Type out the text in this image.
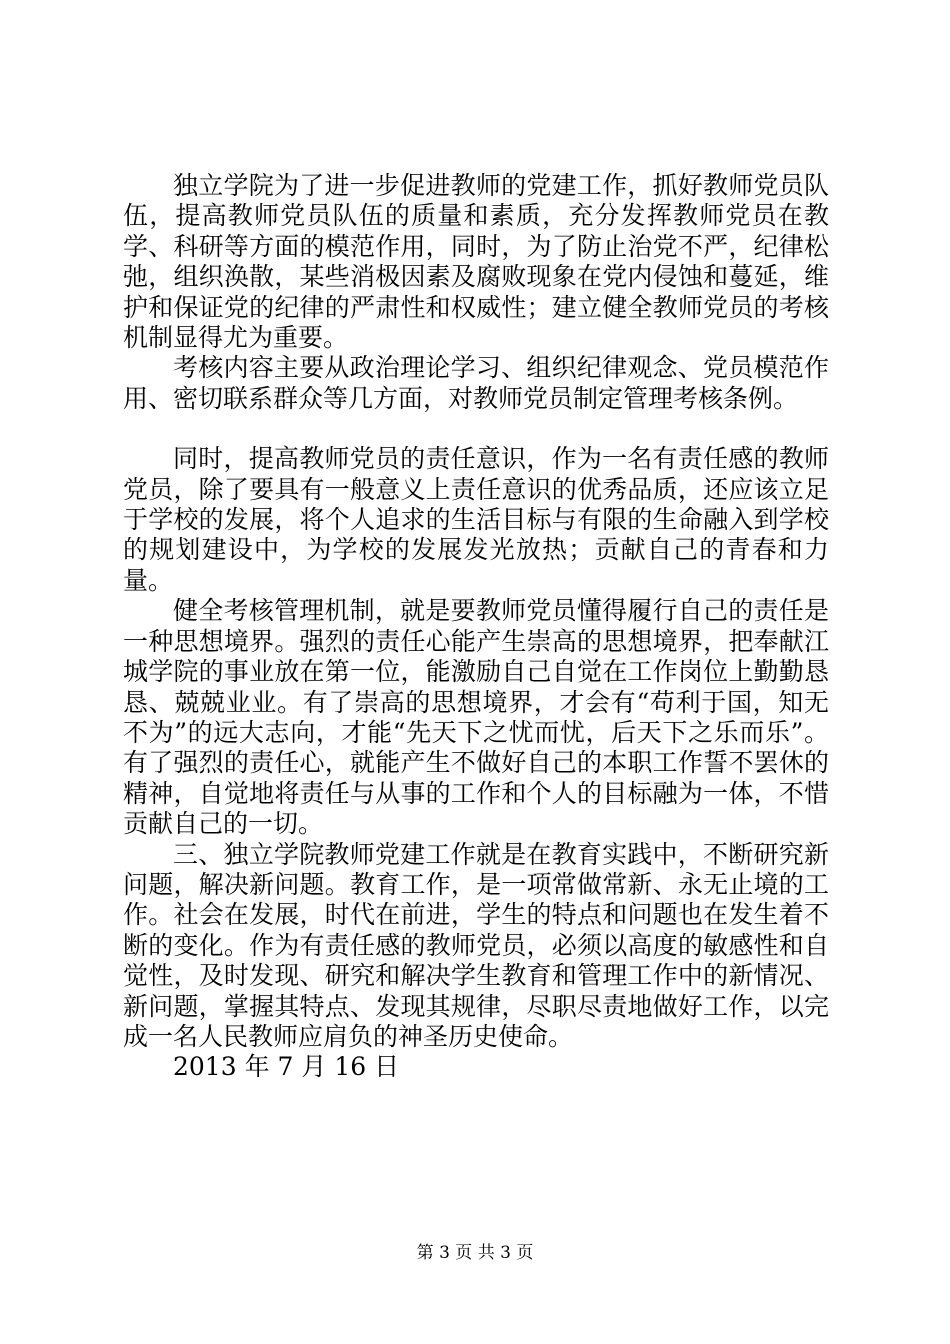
独立学院为了进一步促进教师的党建工作，抓好教师党员队伍，提高教师党员队伍的质量和素质，充分发挥教师党员在教学、科研等方面的模范作用，同时，为了防止治党不严，纪律松弛，组织涣散，某些消极因素及腐败现象在党内侵蚀和蔓延，维护和保证党的纪律的严肃性和权威性；建立健全教师党员的考核机制显得尤为重要。

考核内容主要从政治理论学习、组织纪律观念、党员模范作用、密切联系群众等几方面，对教师党员制定管理考核条例。

同时，提高教师党员的责任意识，作为一名有责任感的教师党员，除了要具有一般意义上责任意识的优秀品质，还应该立足于学校的发展，将个人追求的生活目标与有限的生命融入到学校的规划建设中，为学校的发展发光放热；贡献自己的青春和力量。

健全考核管理机制，就是要教师党员懂得履行自己的责任是一种思想境界。强烈的责任心能产生崇高的思想境界，把奉献江城学院的事业放在第一位，能激励自己自觉在工作岗位上勤勤恳恳、兢兢业业。有了崇高的思想境界，才会有“苟利于国，知无不为”的远大志向，才能“先天下之忧而忧，后天下之乐而乐”。有了强烈的责任心，就能产生不做好自己的本职工作誓不罢休的精神，自觉地将责任与从事的工作和个人的目标融为一体，不惜贡献自己的一切。

三、独立学院教师党建工作就是在教育实践中，不断研究新问题，解决新问题。教育工作，是一项常做常新、永无止境的工作。社会在发展，时代在前进，学生的特点和问题也在发生着不断的变化。作为有责任感的教师党员，必须以高度的敏感性和自觉性，及时发现、研究和解决学生教育和管理工作中的新情况、新问题，掌握其特点、发现其规律，尽职尽责地做好工作，以完成一名人民教师应肩负的神圣历史使命。

2013 年 7 月 16 日

第 3 页 共 3 页
